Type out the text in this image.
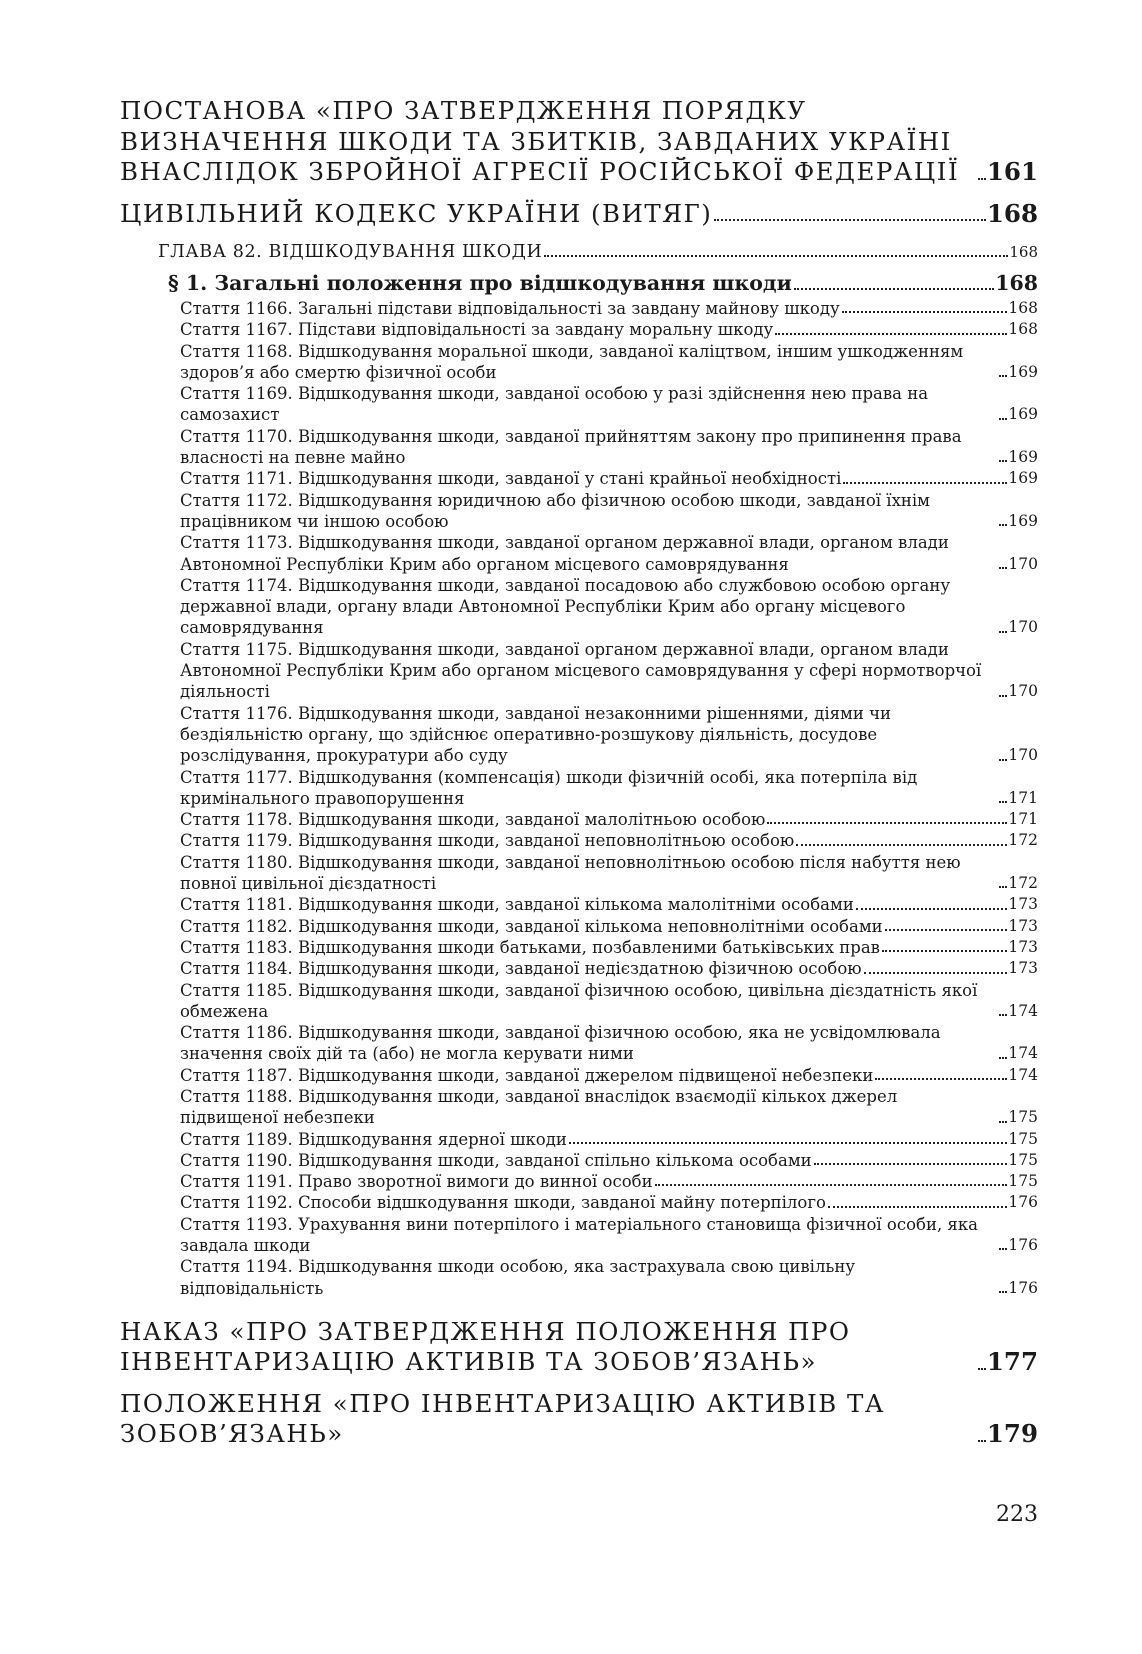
ПОСТАНОВА «ПРО ЗАТВЕРДЖЕННЯ ПОРЯДКУ ВИЗНАЧЕННЯ ШКОДИ ТА ЗБИТКІВ, ЗАВДАНИХ УКРАЇНІ ВНАСЛІДОК ЗБРОЙНОЇ АГРЕСІЇ РОСІЙСЬКОЇ ФЕДЕРАЦІЇ	161
ЦИВІЛЬНИЙ КОДЕКС УКРАЇНИ (ВИТЯГ)	168
ГЛАВА 82. ВІДШКОДУВАННЯ ШКОДИ	168
§ 1. Загальні положення про відшкодування шкоди	168
Стаття 1166. Загальні підстави відповідальності за завдану майнову шкоду	168
Стаття 1167. Підстави відповідальності за завдану моральну шкоду	168
Стаття 1168. Відшкодування моральної шкоди, завданої каліцтвом, іншим ушкодженням здоров’я або смертю фізичної особи	169
Стаття 1169. Відшкодування шкоди, завданої особою у разі здійснення нею права на самозахист	169
Стаття 1170. Відшкодування шкоди, завданої прийняттям закону про припинення права власності на певне майно	169
Стаття 1171. Відшкодування шкоди, завданої у стані крайньої необхідності	169
Стаття 1172. Відшкодування юридичною або фізичною особою шкоди, завданої їхнім працівником чи іншою особою	169
Стаття 1173. Відшкодування шкоди, завданої органом державної влади, органом влади Автономної Республіки Крим або органом місцевого самоврядування	170
Стаття 1174. Відшкодування шкоди, завданої посадовою або службовою особою органу державної влади, органу влади Автономної Республіки Крим або органу місцевого самоврядування	170
Стаття 1175. Відшкодування шкоди, завданої органом державної влади, органом влади Автономної Республіки Крим або органом місцевого самоврядування у сфері нормотворчої діяльності	170
Стаття 1176. Відшкодування шкоди, завданої незаконними рішеннями, діями чи бездіяльністю органу, що здійснює оперативно-розшукову діяльність, досудове розслідування, прокуратури або суду	170
Стаття 1177. Відшкодування (компенсація) шкоди фізичній особі, яка потерпіла від кримінального правопорушення	171
Стаття 1178. Відшкодування шкоди, завданої малолітньою особою	171
Стаття 1179. Відшкодування шкоди, завданої неповнолітньою особою	172
Стаття 1180. Відшкодування шкоди, завданої неповнолітньою особою після набуття нею повної цивільної дієздатності	172
Стаття 1181. Відшкодування шкоди, завданої кількома малолітніми особами	173
Стаття 1182. Відшкодування шкоди, завданої кількома неповнолітніми особами	173
Стаття 1183. Відшкодування шкоди батьками, позбавленими батьківських прав	173
Стаття 1184. Відшкодування шкоди, завданої недієздатною фізичною особою	173
Стаття 1185. Відшкодування шкоди, завданої фізичною особою, цивільна дієздатність якої обмежена	174
Стаття 1186. Відшкодування шкоди, завданої фізичною особою, яка не усвідомлювала значення своїх дій та (або) не могла керувати ними	174
Стаття 1187. Відшкодування шкоди, завданої джерелом підвищеної небезпеки	174
Стаття 1188. Відшкодування шкоди, завданої внаслідок взаємодії кількох джерел підвищеної небезпеки	175
Стаття 1189. Відшкодування ядерної шкоди	175
Стаття 1190. Відшкодування шкоди, завданої спільно кількома особами	175
Стаття 1191. Право зворотної вимоги до винної особи	175
Стаття 1192. Способи відшкодування шкоди, завданої майну потерпілого	176
Стаття 1193. Урахування вини потерпілого і матеріального становища фізичної особи, яка завдала шкоди	176
Стаття 1194. Відшкодування шкоди особою, яка застрахувала свою цивільну відповідальність	176
НАКАЗ «ПРО ЗАТВЕРДЖЕННЯ ПОЛОЖЕННЯ ПРО ІНВЕНТАРИЗАЦІЮ АКТИВІВ ТА ЗОБОВ’ЯЗАНЬ»	177
ПОЛОЖЕННЯ «ПРО ІНВЕНТАРИЗАЦІЮ АКТИВІВ ТА ЗОБОВ’ЯЗАНЬ»	179
223
